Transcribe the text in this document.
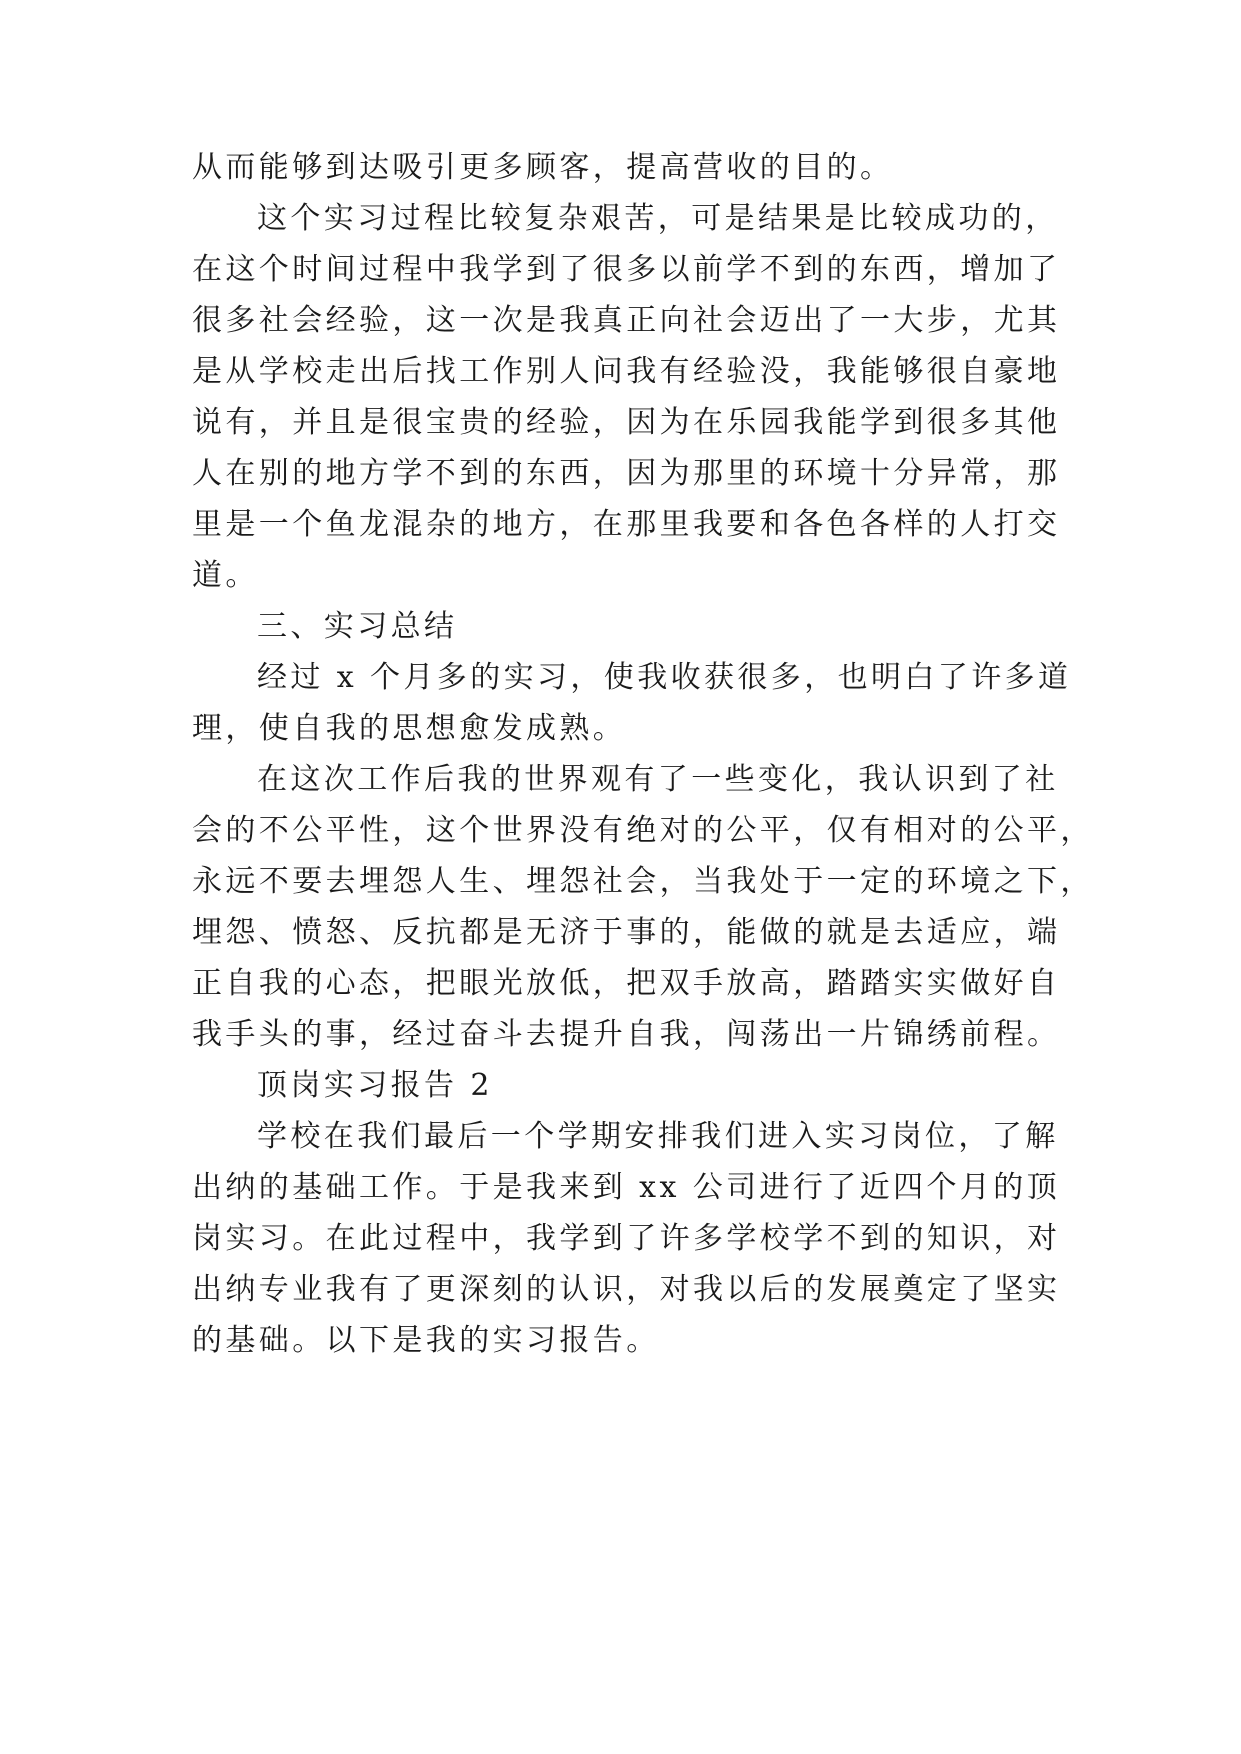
从而能够到达吸引更多顾客，提高营收的目的。
这个实习过程比较复杂艰苦，可是结果是比较成功的，
在这个时间过程中我学到了很多以前学不到的东西，增加了
很多社会经验，这一次是我真正向社会迈出了一大步，尤其
是从学校走出后找工作别人问我有经验没，我能够很自豪地
说有，并且是很宝贵的经验，因为在乐园我能学到很多其他
人在别的地方学不到的东西，因为那里的环境十分异常，那
里是一个鱼龙混杂的地方，在那里我要和各色各样的人打交
道。
三、实习总结
经过 x 个月多的实习，使我收获很多，也明白了许多道
理，使自我的思想愈发成熟。
在这次工作后我的世界观有了一些变化，我认识到了社
会的不公平性，这个世界没有绝对的公平，仅有相对的公平，
永远不要去埋怨人生、埋怨社会，当我处于一定的环境之下，
埋怨、愤怒、反抗都是无济于事的，能做的就是去适应，端
正自我的心态，把眼光放低，把双手放高，踏踏实实做好自
我手头的事，经过奋斗去提升自我，闯荡出一片锦绣前程。
顶岗实习报告 2
学校在我们最后一个学期安排我们进入实习岗位，了解
出纳的基础工作。于是我来到 xx 公司进行了近四个月的顶
岗实习。在此过程中，我学到了许多学校学不到的知识，对
出纳专业我有了更深刻的认识，对我以后的发展奠定了坚实
的基础。以下是我的实习报告。
